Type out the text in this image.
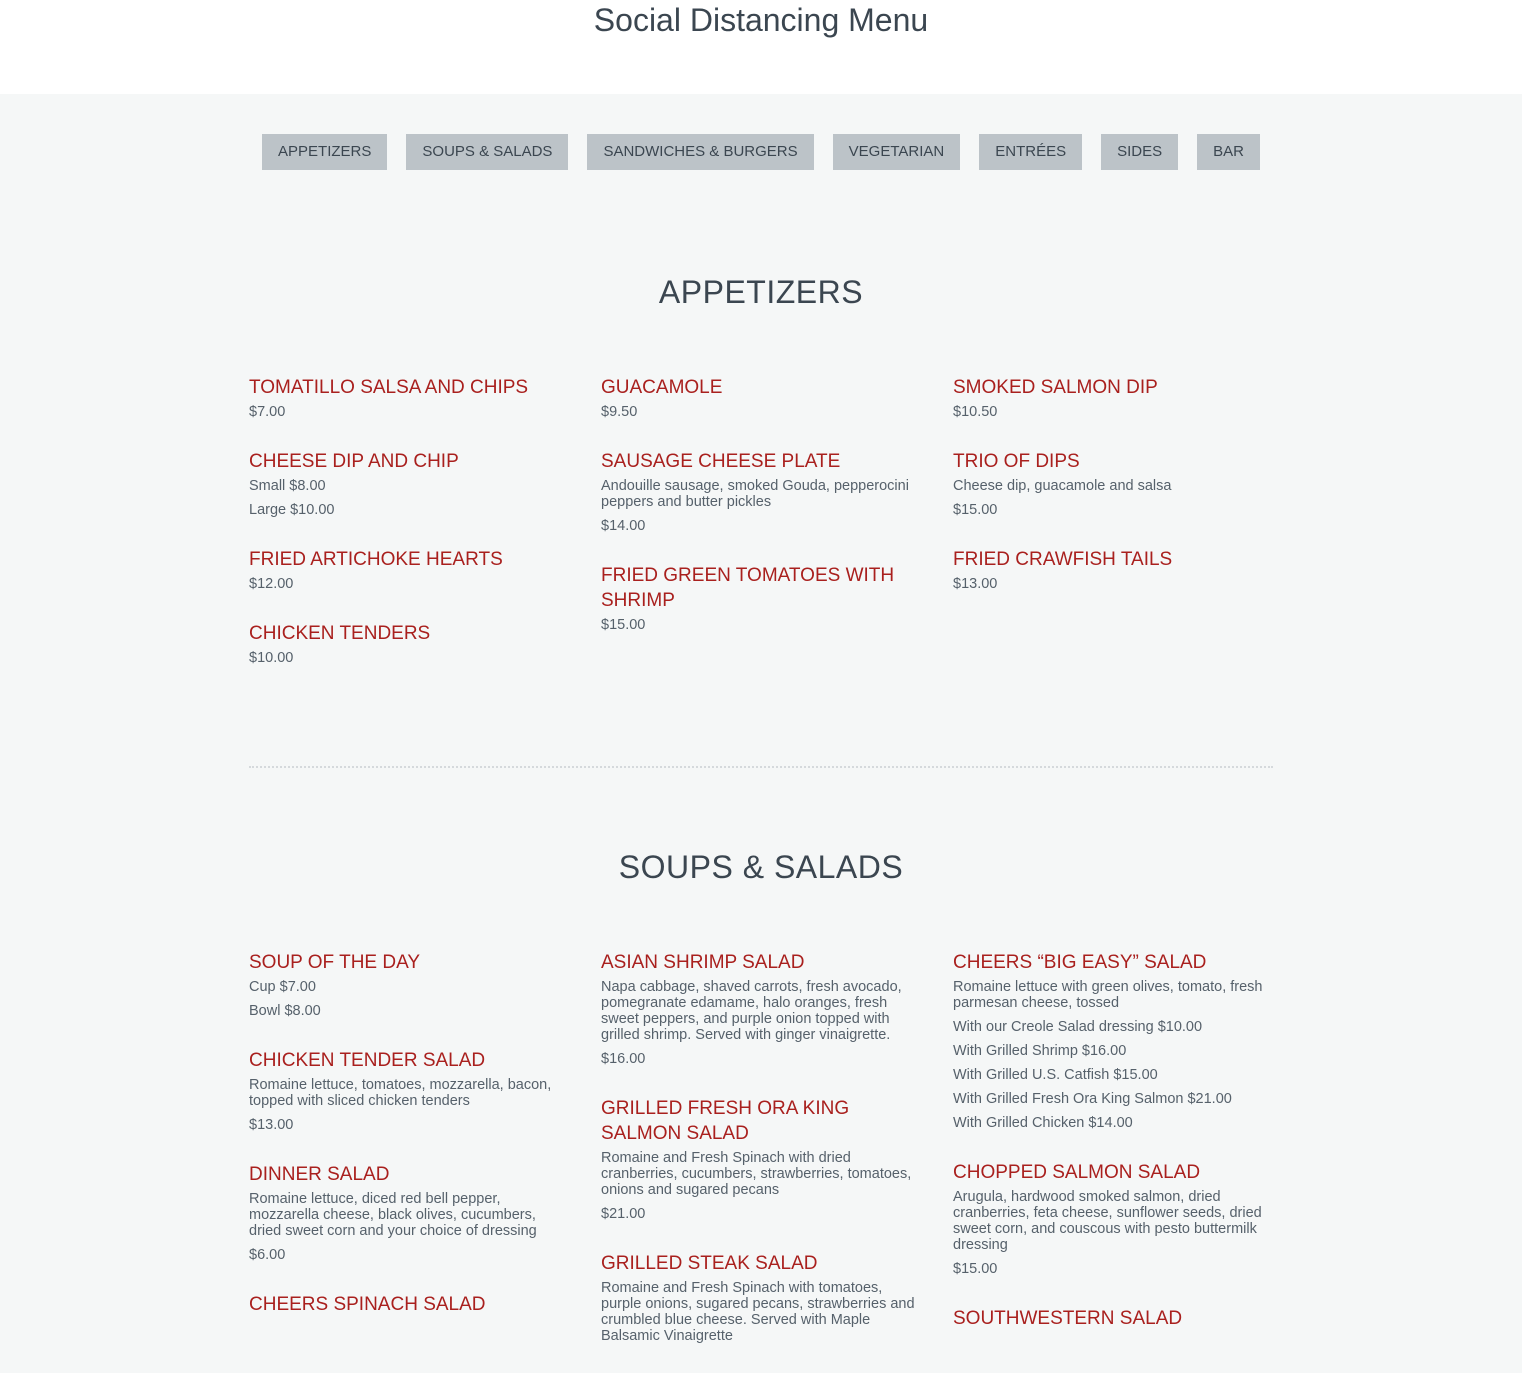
Social Distancing Menu
APPETIZERS	SOUPS & SALADS	SANDWICHES & BURGERS	VEGETARIAN	ENTRÉES	SIDES	BAR
APPETIZERS
TOMATILLO SALSA AND CHIPS

$7.00

CHEESE DIP AND CHIP

Small $8.00

Large $10.00

FRIED ARTICHOKE HEARTS

$12.00

CHICKEN TENDERS

$10.00

GUACAMOLE

$9.50

SAUSAGE CHEESE PLATE

Andouille sausage, smoked Gouda, pepperocini peppers and butter pickles

$14.00

FRIED GREEN TOMATOES WITH SHRIMP

$15.00

SMOKED SALMON DIP

$10.50

TRIO OF DIPS

Cheese dip, guacamole and salsa

$15.00

FRIED CRAWFISH TAILS

$13.00

SOUPS & SALADS
SOUP OF THE DAY

Cup $7.00

Bowl $8.00

CHICKEN TENDER SALAD

Romaine lettuce, tomatoes, mozzarella, bacon, topped with sliced chicken tenders

$13.00

DINNER SALAD

Romaine lettuce, diced red bell pepper, mozzarella cheese, black olives, cucumbers, dried sweet corn and your choice of dressing

$6.00

CHEERS SPINACH SALAD
ASIAN SHRIMP SALAD

Napa cabbage, shaved carrots, fresh avocado, pomegranate edamame, halo oranges, fresh sweet peppers, and purple onion topped with grilled shrimp. Served with ginger vinaigrette.

$16.00

GRILLED FRESH ORA KING SALMON SALAD

Romaine and Fresh Spinach with dried cranberries, cucumbers, strawberries, tomatoes, onions and sugared pecans

$21.00

GRILLED STEAK SALAD

Romaine and Fresh Spinach with tomatoes, purple onions, sugared pecans, strawberries and crumbled blue cheese. Served with Maple Balsamic Vinaigrette

CHEERS “BIG EASY” SALAD

Romaine lettuce with green olives, tomato, fresh parmesan cheese, tossed

With our Creole Salad dressing $10.00

With Grilled Shrimp $16.00

With Grilled U.S. Catfish $15.00

With Grilled Fresh Ora King Salmon $21.00

With Grilled Chicken $14.00

CHOPPED SALMON SALAD

Arugula, hardwood smoked salmon, dried cranberries, feta cheese, sunflower seeds, dried sweet corn, and couscous with pesto buttermilk dressing

$15.00

SOUTHWESTERN SALAD
